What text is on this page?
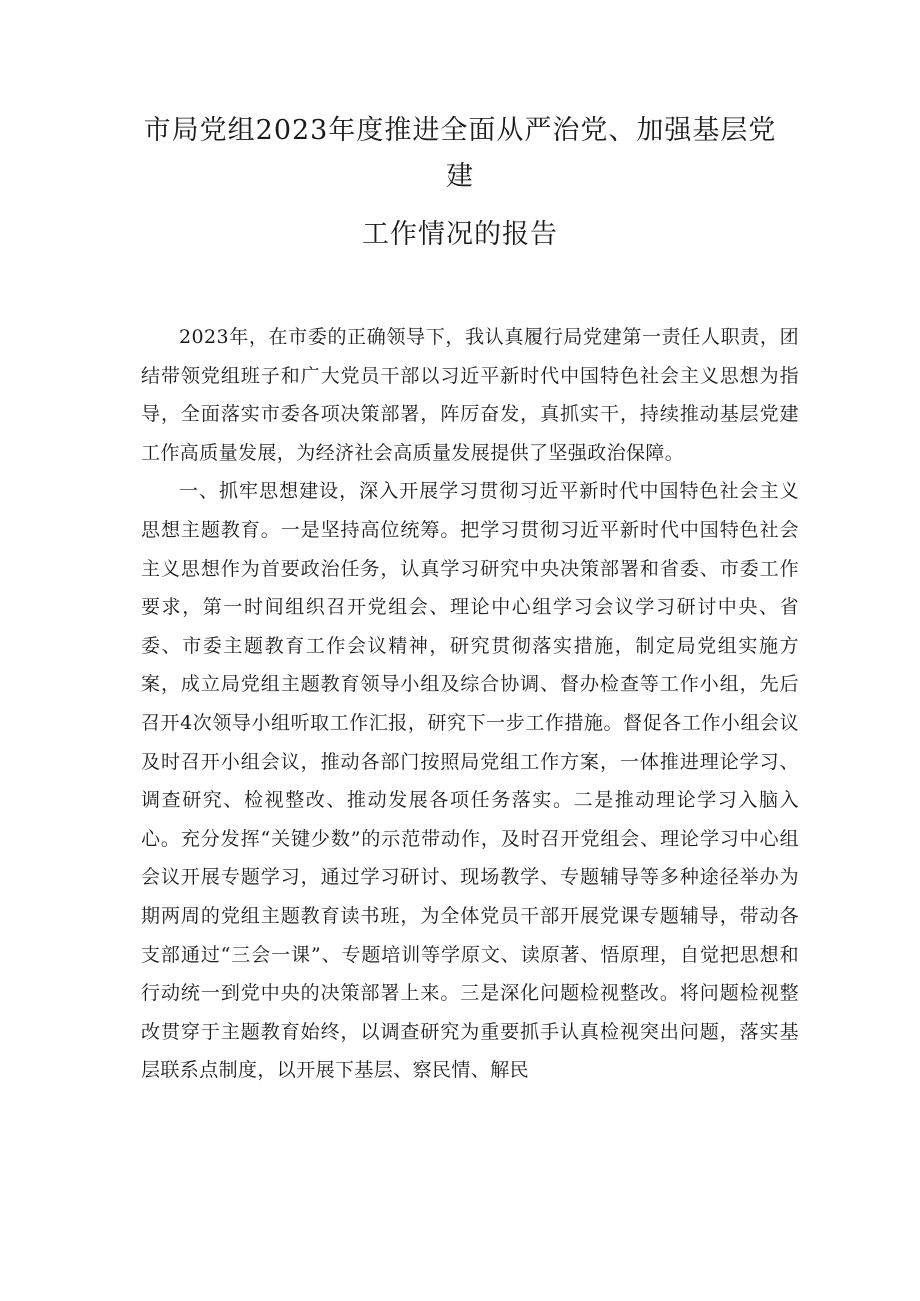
市局党组2023年度推进全面从严治党、加强基层党

建

工作情况的报告

2023年，在市委的正确领导下，我认真履行局党建第一责任人职责，团结带领党组班子和广大党员干部以习近平新时代中国特色社会主义思想为指导，全面落实市委各项决策部署，阵厉奋发，真抓实干，持续推动基层党建工作高质量发展，为经济社会高质量发展提供了坚强政治保障。

一、抓牢思想建设，深入开展学习贯彻习近平新时代中国特色社会主义思想主题教育。一是坚持高位统筹。把学习贯彻习近平新时代中国特色社会主义思想作为首要政治任务，认真学习研究中央决策部署和省委、市委工作要求，第一时间组织召开党组会、理论中心组学习会议学习研讨中央、省委、市委主题教育工作会议精神，研究贯彻落实措施，制定局党组实施方案，成立局党组主题教育领导小组及综合协调、督办检查等工作小组，先后召开4次领导小组听取工作汇报，研究下一步工作措施。督促各工作小组会议及时召开小组会议，推动各部门按照局党组工作方案，一体推进理论学习、调查研究、检视整改、推动发展各项任务落实。二是推动理论学习入脑入心。充分发挥“关键少数”的示范带动作，及时召开党组会、理论学习中心组会议开展专题学习，通过学习研讨、现场教学、专题辅导等多种途径举办为期两周的党组主题教育读书班，为全体党员干部开展党课专题辅导，带动各支部通过“三会一课”、专题培训等学原文、读原著、悟原理，自觉把思想和行动统一到党中央的决策部署上来。三是深化问题检视整改。将问题检视整改贯穿于主题教育始终，以调查研究为重要抓手认真检视突出问题，落实基层联系点制度，以开展下基层、察民情、解民
